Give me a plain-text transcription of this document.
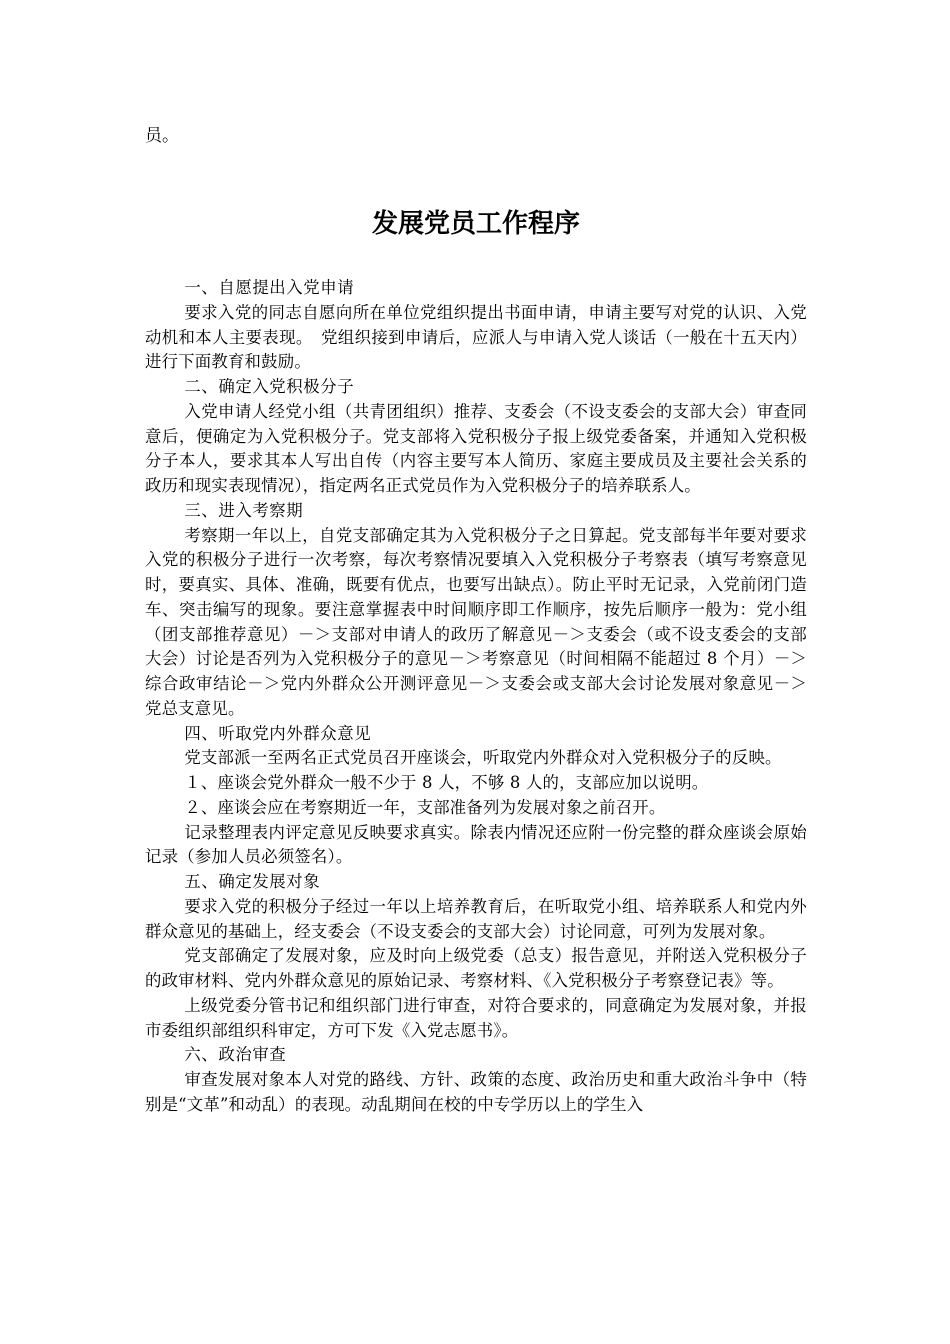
员。

发展党员工作程序

一、自愿提出入党申请

要求入党的同志自愿向所在单位党组织提出书面申请，申请主要写对党的认识、入党动机和本人主要表现。　党组织接到申请后，应派人与申请入党人谈话（一般在十五天内）进行下面教育和鼓励。

二、确定入党积极分子

入党申请人经党小组（共青团组织）推荐、支委会（不设支委会的支部大会）审查同意后，便确定为入党积极分子。党支部将入党积极分子报上级党委备案，并通知入党积极分子本人，要求其本人写出自传（内容主要写本人简历、家庭主要成员及主要社会关系的政历和现实表现情况），指定两名正式党员作为入党积极分子的培养联系人。

三、进入考察期

考察期一年以上，自党支部确定其为入党积极分子之日算起。党支部每半年要对要求入党的积极分子进行一次考察，每次考察情况要填入入党积极分子考察表（填写考察意见时，要真实、具体、准确，既要有优点，也要写出缺点）。防止平时无记录，入党前闭门造车、突击编写的现象。要注意掌握表中时间顺序即工作顺序，按先后顺序一般为：党小组（团支部推荐意见）－＞支部对申请人的政历了解意见－＞支委会（或不设支委会的支部大会）讨论是否列为入党积极分子的意见－＞考察意见（时间相隔不能超过 8 个月）－＞综合政审结论－＞党内外群众公开测评意见－＞支委会或支部大会讨论发展对象意见－＞党总支意见。

四、听取党内外群众意见

党支部派一至两名正式党员召开座谈会，听取党内外群众对入党积极分子的反映。

１、座谈会党外群众一般不少于 8 人，不够 8 人的，支部应加以说明。

２、座谈会应在考察期近一年，支部准备列为发展对象之前召开。

记录整理表内评定意见反映要求真实。除表内情况还应附一份完整的群众座谈会原始记录（参加人员必须签名）。

五、确定发展对象

要求入党的积极分子经过一年以上培养教育后，在听取党小组、培养联系人和党内外群众意见的基础上，经支委会（不设支委会的支部大会）讨论同意，可列为发展对象。

党支部确定了发展对象，应及时向上级党委（总支）报告意见，并附送入党积极分子的政审材料、党内外群众意见的原始记录、考察材料、《入党积极分子考察登记表》等。

上级党委分管书记和组织部门进行审查，对符合要求的，同意确定为发展对象，并报市委组织部组织科审定，方可下发《入党志愿书》。

六、政治审查

审查发展对象本人对党的路线、方针、政策的态度、政治历史和重大政治斗争中（特别是“文革”和动乱）的表现。动乱期间在校的中专学历以上的学生入
